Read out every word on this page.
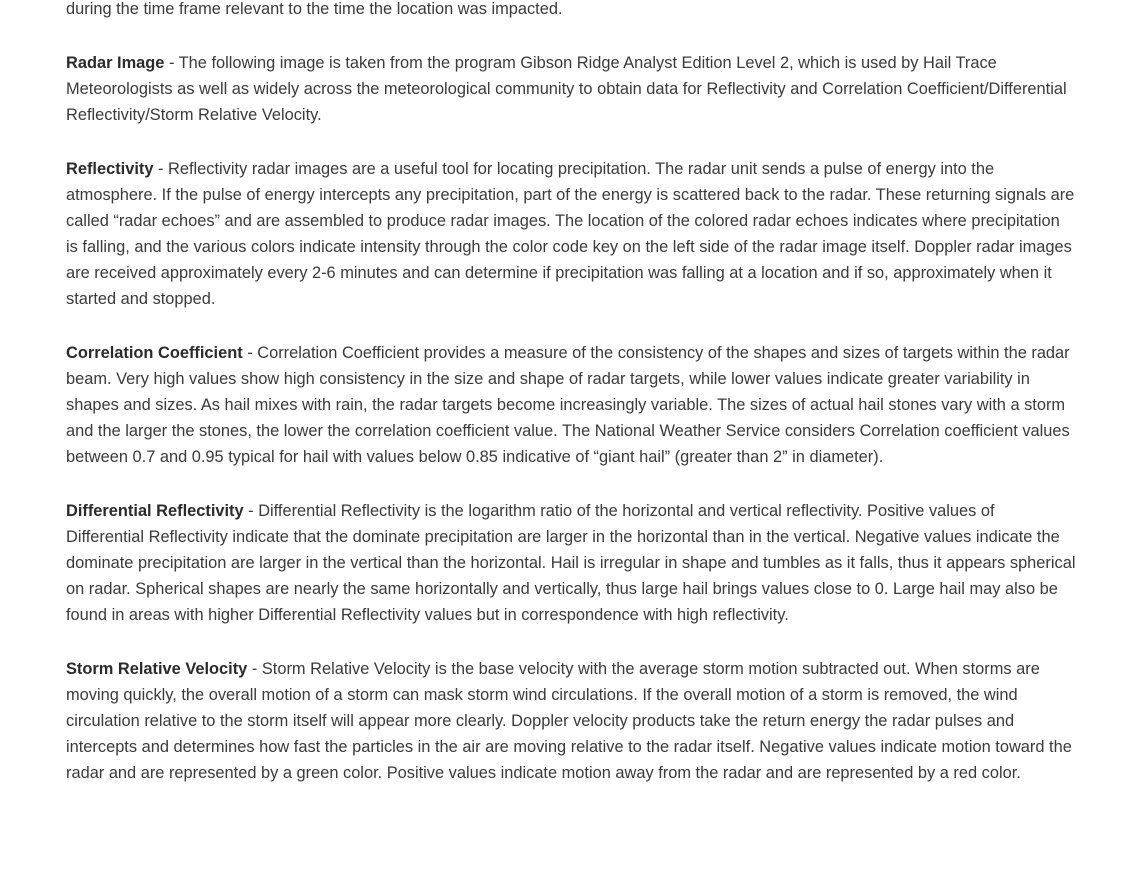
during the time frame relevant to the time the location was impacted.

Radar Image - The following image is taken from the program Gibson Ridge Analyst Edition Level 2, which is used by Hail Trace Meteorologists as well as widely across the meteorological community to obtain data for Reflectivity and Correlation Coefficient/Differential Reflectivity/Storm Relative Velocity.

Reflectivity - Reflectivity radar images are a useful tool for locating precipitation. The radar unit sends a pulse of energy into the atmosphere. If the pulse of energy intercepts any precipitation, part of the energy is scattered back to the radar. These returning signals are called “radar echoes” and are assembled to produce radar images. The location of the colored radar echoes indicates where precipitation is falling, and the various colors indicate intensity through the color code key on the left side of the radar image itself. Doppler radar images are received approximately every 2-6 minutes and can determine if precipitation was falling at a location and if so, approximately when it started and stopped.

Correlation Coefficient - Correlation Coefficient provides a measure of the consistency of the shapes and sizes of targets within the radar beam. Very high values show high consistency in the size and shape of radar targets, while lower values indicate greater variability in shapes and sizes. As hail mixes with rain, the radar targets become increasingly variable. The sizes of actual hail stones vary with a storm and the larger the stones, the lower the correlation coefficient value. The National Weather Service considers Correlation coefficient values between 0.7 and 0.95 typical for hail with values below 0.85 indicative of “giant hail” (greater than 2” in diameter).

Differential Reflectivity - Differential Reflectivity is the logarithm ratio of the horizontal and vertical reflectivity. Positive values of Differential Reflectivity indicate that the dominate precipitation are larger in the horizontal than in the vertical. Negative values indicate the dominate precipitation are larger in the vertical than the horizontal. Hail is irregular in shape and tumbles as it falls, thus it appears spherical on radar. Spherical shapes are nearly the same horizontally and vertically, thus large hail brings values close to 0. Large hail may also be found in areas with higher Differential Reflectivity values but in correspondence with high reflectivity.

Storm Relative Velocity - Storm Relative Velocity is the base velocity with the average storm motion subtracted out. When storms are moving quickly, the overall motion of a storm can mask storm wind circulations. If the overall motion of a storm is removed, the wind circulation relative to the storm itself will appear more clearly. Doppler velocity products take the return energy the radar pulses and intercepts and determines how fast the particles in the air are moving relative to the radar itself. Negative values indicate motion toward the radar and are represented by a green color. Positive values indicate motion away from the radar and are represented by a red color.
